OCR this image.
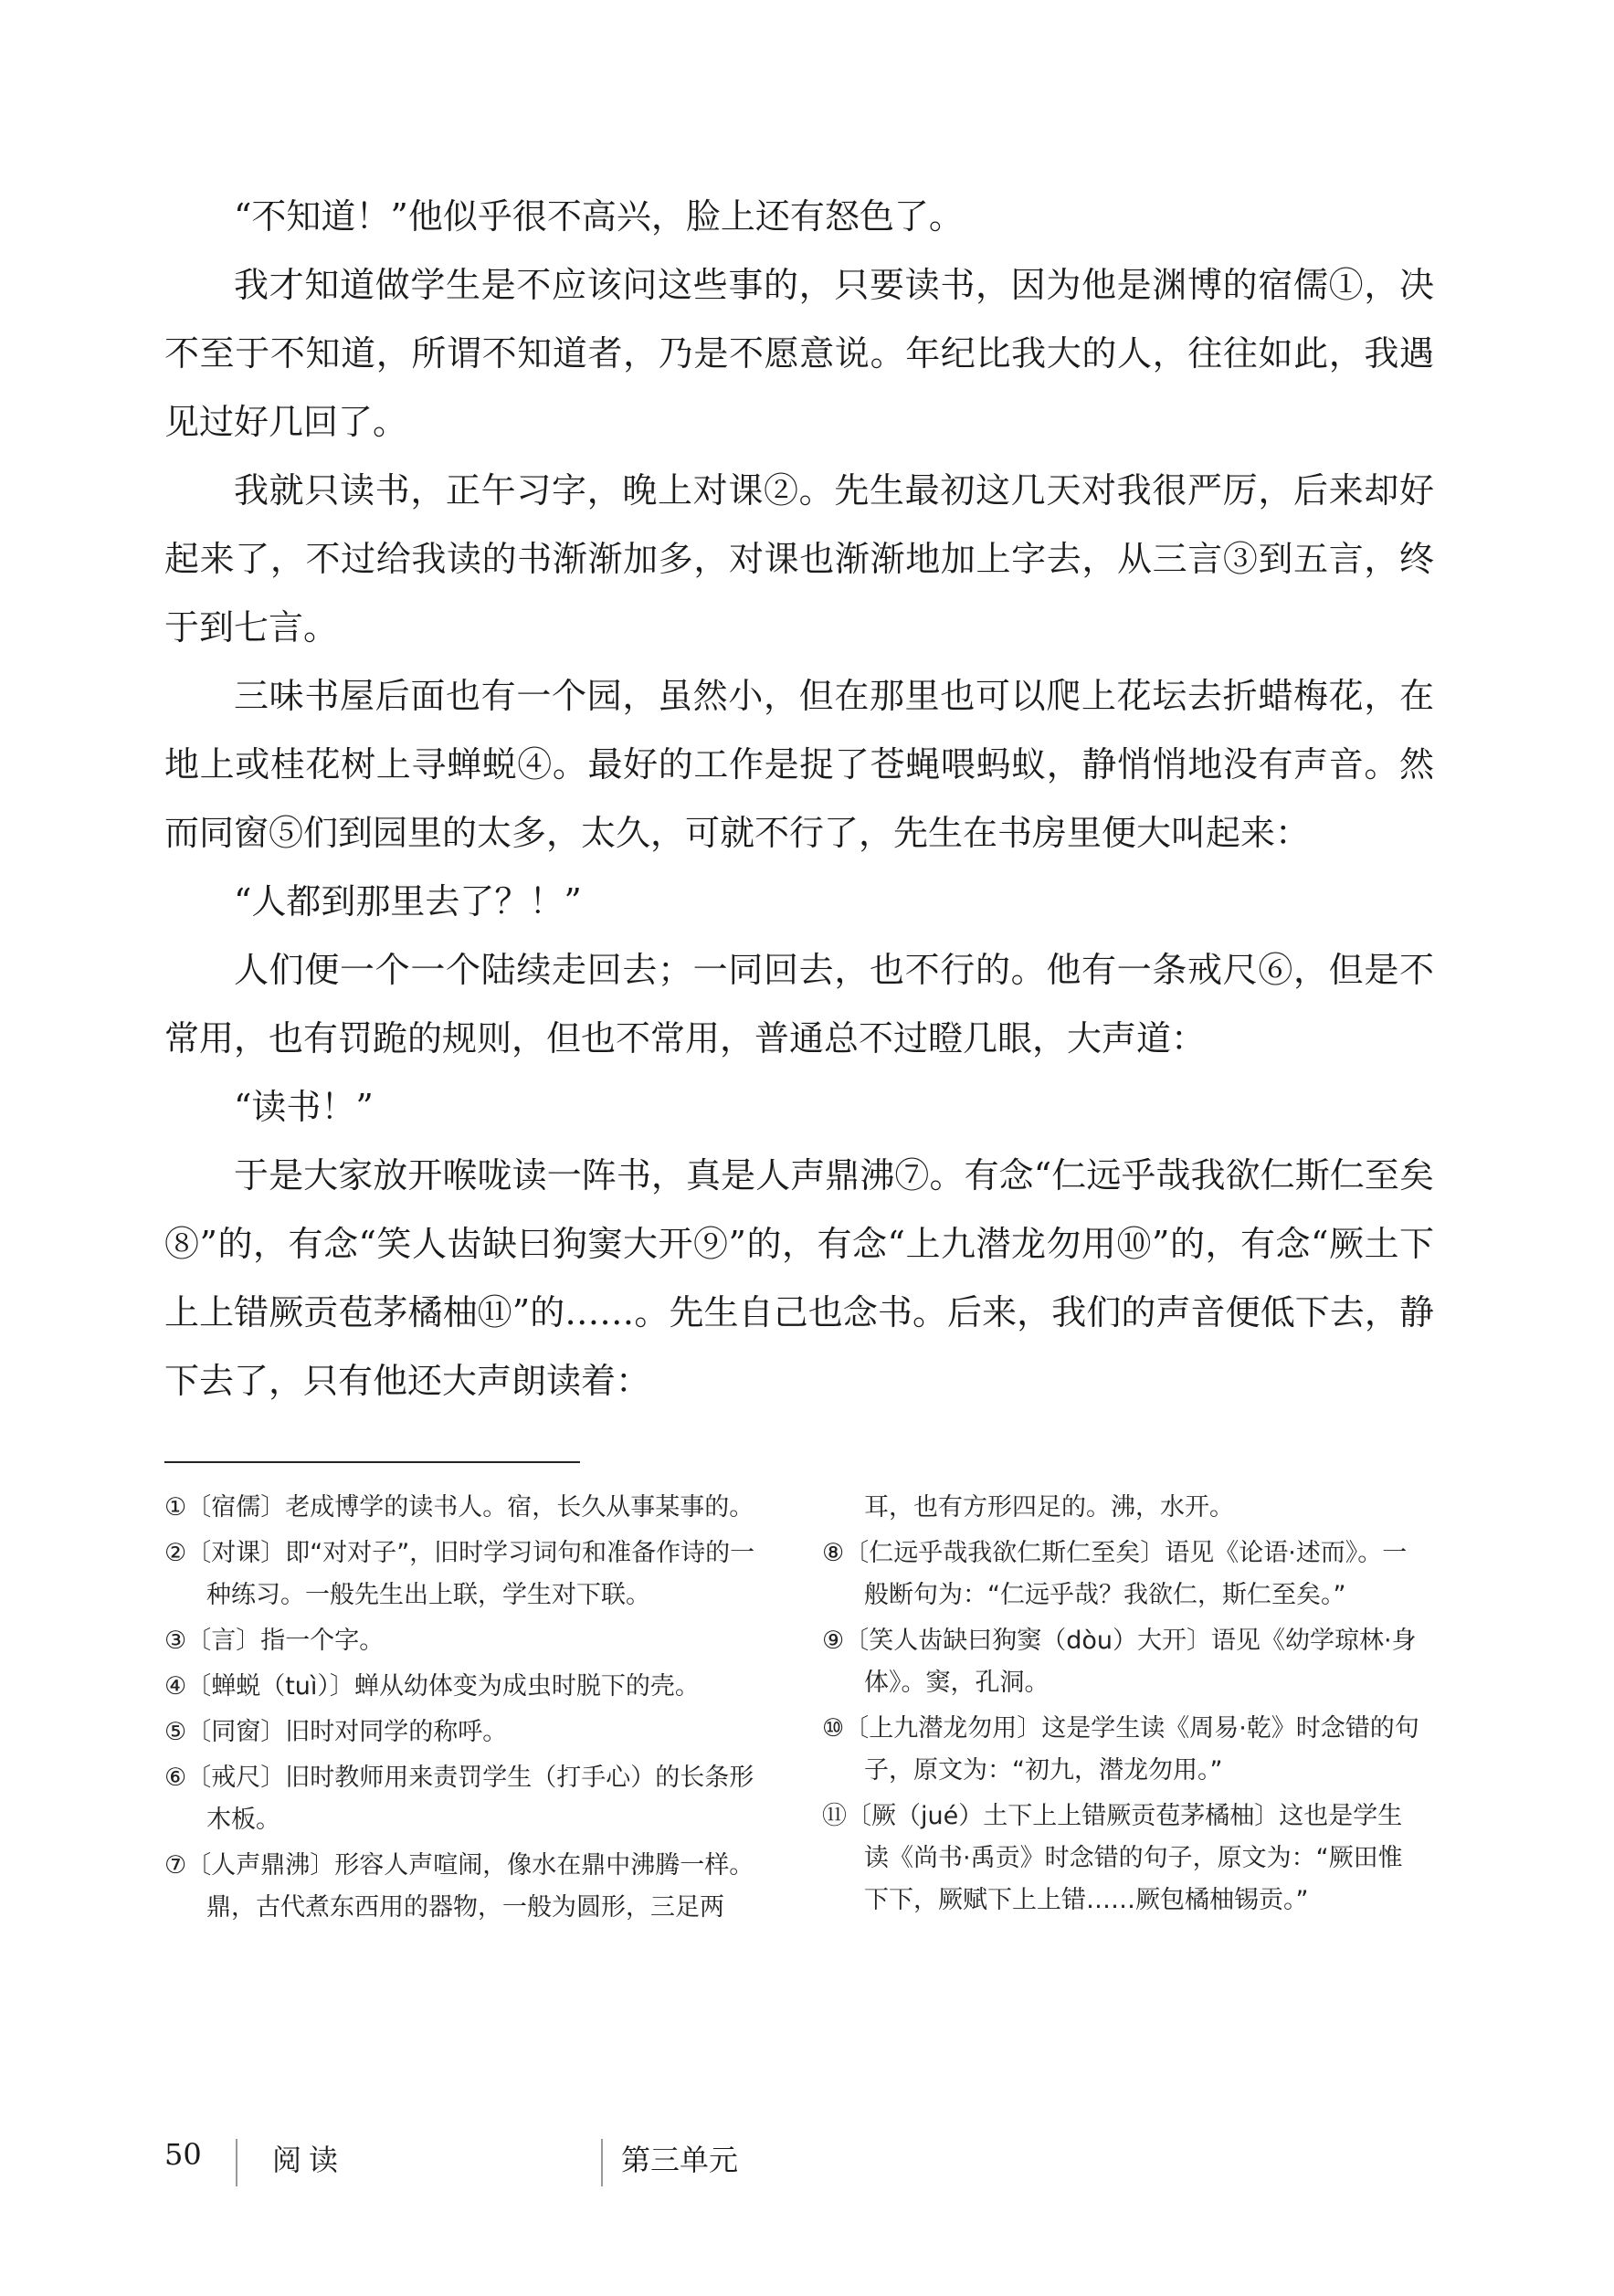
“不知道！”他似乎很不高兴，脸上还有怒色了。

我才知道做学生是不应该问这些事的，只要读书，因为他是渊博的宿儒①，决不至于不知道，所谓不知道者，乃是不愿意说。年纪比我大的人，往往如此，我遇见过好几回了。

我就只读书，正午习字，晚上对课②。先生最初这几天对我很严厉，后来却好起来了，不过给我读的书渐渐加多，对课也渐渐地加上字去，从三言③到五言，终于到七言。

三味书屋后面也有一个园，虽然小，但在那里也可以爬上花坛去折蜡梅花，在地上或桂花树上寻蝉蜕④。最好的工作是捉了苍蝇喂蚂蚁，静悄悄地没有声音。然而同窗⑤们到园里的太多，太久，可就不行了，先生在书房里便大叫起来：

“人都到那里去了？！”

人们便一个一个陆续走回去；一同回去，也不行的。他有一条戒尺⑥，但是不常用，也有罚跪的规则，但也不常用，普通总不过瞪几眼，大声道：

“读书！”

于是大家放开喉咙读一阵书，真是人声鼎沸⑦。有念“仁远乎哉我欲仁斯仁至矣⑧”的，有念“笑人齿缺曰狗窦大开⑨”的，有念“上九潜龙勿用⑩”的，有念“厥土下上上错厥贡苞茅橘柚⑪”的……。先生自己也念书。后来，我们的声音便低下去，静下去了，只有他还大声朗读着：

①〔宿儒〕老成博学的读书人。宿，长久从事某事的。

②〔对课〕即“对对子”，旧时学习词句和准备作诗的一种练习。一般先生出上联，学生对下联。

③〔言〕指一个字。

④〔蝉蜕（tuì）〕蝉从幼体变为成虫时脱下的壳。

⑤〔同窗〕旧时对同学的称呼。

⑥〔戒尺〕旧时教师用来责罚学生（打手心）的长条形木板。

⑦〔人声鼎沸〕形容人声喧闹，像水在鼎中沸腾一样。鼎，古代煮东西用的器物，一般为圆形，三足两耳，也有方形四足的。沸，水开。

⑧〔仁远乎哉我欲仁斯仁至矣〕语见《论语·述而》。一般断句为：“仁远乎哉？我欲仁，斯仁至矣。”

⑨〔笑人齿缺曰狗窦（dòu）大开〕语见《幼学琼林·身体》。窦，孔洞。

⑩〔上九潜龙勿用〕这是学生读《周易·乾》时念错的句子，原文为：“初九，潜龙勿用。”

⑪〔厥（jué）土下上上错厥贡苞茅橘柚〕这也是学生读《尚书·禹贡》时念错的句子，原文为：“厥田惟下下，厥赋下上上错……厥包橘柚锡贡。”

50 阅读	第三单元
